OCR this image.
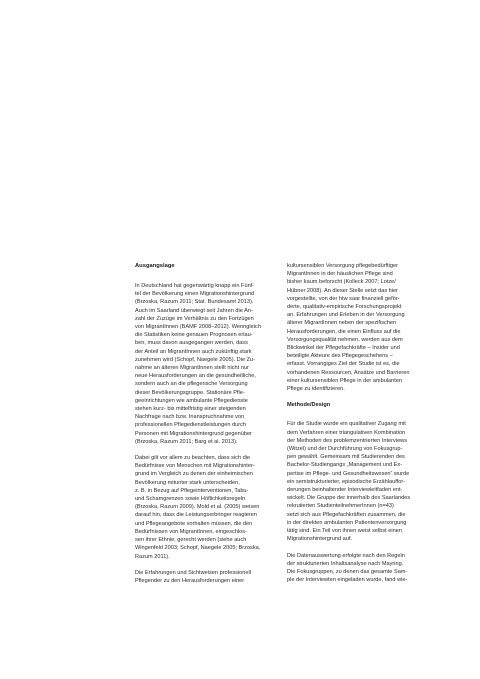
Ausgangslage
In Deutschland hat gegenwärtig knapp ein Fünf-
tel der Bevölkerung einen Migrationshintergrund
(Brzoska, Razum 2011; Stat. Bundesamt 2013).
Auch im Saarland überwiegt seit Jahren die An-
zahl der Zuzüge im Verhältnis zu den Fortzügen
von MigrantInnen (BAMF 2008–2012). Wenngleich
die Statistiken keine genauen Prognosen erlau-
ben, muss davon ausgegangen werden, dass
der Anteil an MigrantInnen auch zukünftig stark
zunehmen wird (Schopf, Naegele 2005). Die Zu-
nahme an älteren MigrantInnen stellt nicht nur
neue Herausforderungen an die gesundheitliche,
sondern auch an die pflegerische Versorgung
dieser Bevölkerungsgruppe. Stationäre Pfle-
geeinrichtungen wie ambulante Pflegedienste
stehen kurz- bis mittelfristig einer steigenden
Nachfrage nach bzw. Inanspruchnahme von
professionellen Pflegedienstleistungen durch
Personen mit Migrationshintergrund gegenüber
(Brzoska, Razum 2011; Barg et al. 2013).
Dabei gilt vor allem zu beachten, dass sich die
Bedürfnisse von Menschen mit Migrationshinter-
grund im Vergleich zu denen der einheimischen
Bevölkerung mitunter stark unterscheiden,
z. B. in Bezug auf Pflegeinterventionen, Tabu-
und Schamgrenzen sowie Höflichkeitsregeln
(Brzoska, Razum 2009). Mold et al. (2005) weisen
darauf hin, dass die Leistungserbringer reagieren
und Pflegeangebote vorhalten müssen, die den
Bedürfnissen von MigrantInnen, eingeschlos-
sen ihrer Ethnie, gerecht werden (siehe auch
Wingenfeld 2003; Schopf, Naegele 2005; Brzoska,
Razum 2011).
Die Erfahrungen und Sichtweisen professionell
Pflegender zu den Herausforderungen einer
kultursensiblen Versorgung pflegebedürftiger
MigrantInnen in der häuslichen Pflege sind
bisher kaum beforscht (Kolleck 2007; Lotze/
Hübner 2008). An dieser Stelle setzt das hier
vorgestellte, von der htw saar finanziell geför-
derte, qualitativ-empirische Forschungsprojekt
an. Erfahrungen und Erleben in der Versorgung
älterer MigrantInnen neben der spezifischen
Herausforderungen, die einen Einfluss auf die
Versorgungsqualität nehmen, werden aus dem
Blickwinkel der Pflegefachkräfte – Insider und
beteiligte Akteure des Pflegegeschehens –
erfasst. Vorrangiges Ziel der Studie ist es, die
vorhandenen Ressourcen, Ansätze und Barrieren
einer kultursensiblen Pflege in der ambulanten
Pflege zu identifizieren.
Methode/Design
Für die Studie wurde ein qualitativer Zugang mit
dem Verfahren einer triangulativen Kombination
der Methoden des problemzentrierten Interviews
(Witzel) und der Durchführung von Fokusgrup-
pen gewählt. Gemeinsam mit Studierenden des
Bachelor-Studiengangs „Management und Ex-
pertise im Pflege- und Gesundheitswesen“ wurde
ein semistrukturierter, episodische Erzählauffor-
derungen beinhaltender Interviewleitfaden ent-
wickelt. Die Gruppe der innerhalb des Saarlandes
rekrutierten StudienteilnehmerInnen (n=43)
setzt sich aus Pflegefachkräften zusammen, die
in der direkten ambulanten Patientenversorgung
tätig sind. Ein Teil von ihnen weist selbst einen
Migrationshintergrund auf.
Die Datenauswertung erfolgte nach den Regeln
der strukturierten Inhaltsanalyse nach Mayring.
Die Fokusgruppen, zu denen das gesamte Sam-
ple der Interviewten eingeladen wurde, fand wie-
